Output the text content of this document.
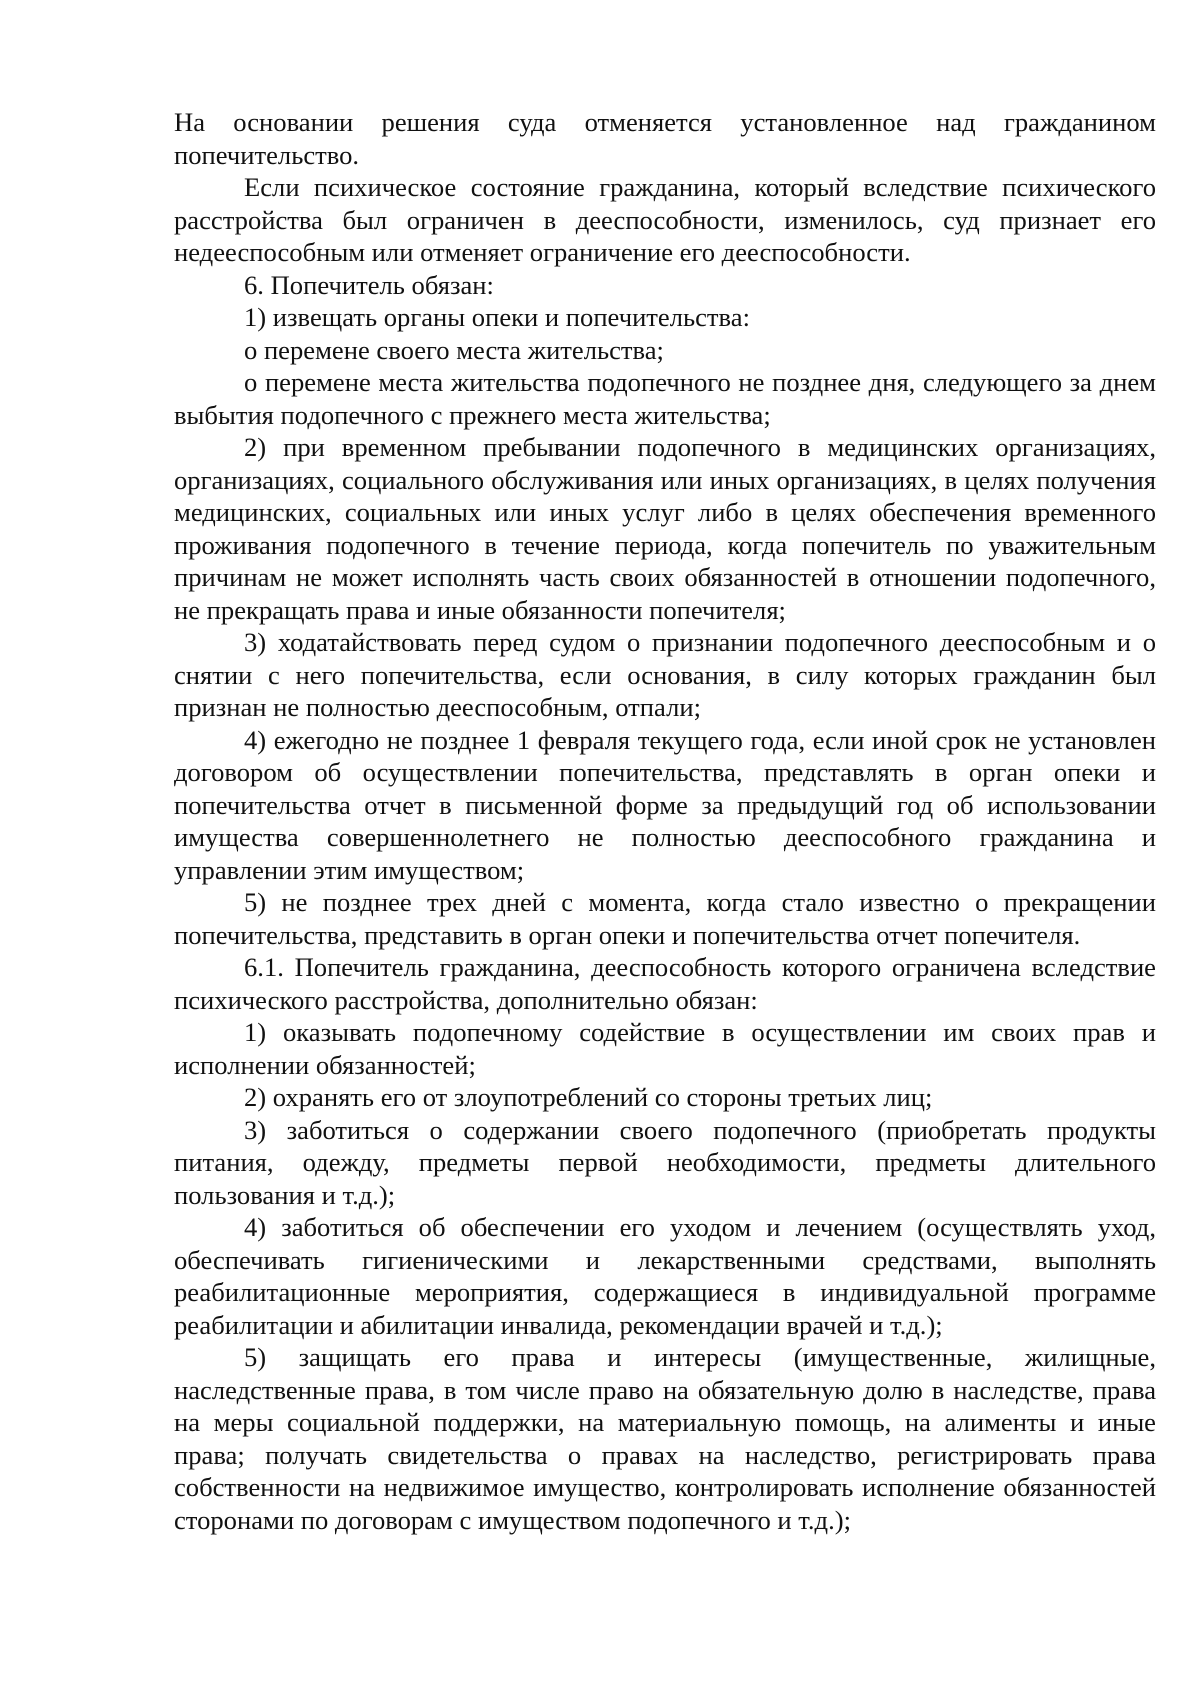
На основании решения суда отменяется установленное над гражданином попечительство.

Если психическое состояние гражданина, который вследствие психического расстройства был ограничен в дееспособности, изменилось, суд признает его недееспособным или отменяет ограничение его дееспособности.

6. Попечитель обязан:

1) извещать органы опеки и попечительства:

о перемене своего места жительства;

о перемене места жительства подопечного не позднее дня, следующего за днем выбытия подопечного с прежнего места жительства;

2) при временном пребывании подопечного в медицинских организациях, организациях, социального обслуживания или иных организациях, в целях получения медицинских, социальных или иных услуг либо в целях обеспечения временного проживания подопечного в течение периода, когда попечитель по уважительным причинам не может исполнять часть своих обязанностей в отношении подопечного, не прекращать права и иные обязанности попечителя;

3) ходатайствовать перед судом о признании подопечного дееспособным и о снятии с него попечительства, если основания, в силу которых гражданин был признан не полностью дееспособным, отпали;

4) ежегодно не позднее 1 февраля текущего года, если иной срок не установлен договором об осуществлении попечительства, представлять в орган опеки и попечительства отчет в письменной форме за предыдущий год об использовании имущества совершеннолетнего не полностью дееспособного гражданина и управлении этим имуществом;

5) не позднее трех дней с момента, когда стало известно о прекращении попечительства, представить в орган опеки и попечительства отчет попечителя.

6.1. Попечитель гражданина, дееспособность которого ограничена вследствие психического расстройства, дополнительно обязан:

1) оказывать подопечному содействие в осуществлении им своих прав и исполнении обязанностей;

2) охранять его от злоупотреблений со стороны третьих лиц;

3) заботиться о содержании своего подопечного (приобретать продукты питания, одежду, предметы первой необходимости, предметы длительного пользования и т.д.);

4) заботиться об обеспечении его уходом и лечением (осуществлять уход, обеспечивать гигиеническими и лекарственными средствами, выполнять реабилитационные мероприятия, содержащиеся в индивидуальной программе реабилитации и абилитации инвалида, рекомендации врачей и т.д.);

5) защищать его права и интересы (имущественные, жилищные, наследственные права, в том числе право на обязательную долю в наследстве, права на меры социальной поддержки, на материальную помощь, на алименты и иные права; получать свидетельства о правах на наследство, регистрировать права собственности на недвижимое имущество, контролировать исполнение обязанностей сторонами по договорам с имуществом подопечного и т.д.);
